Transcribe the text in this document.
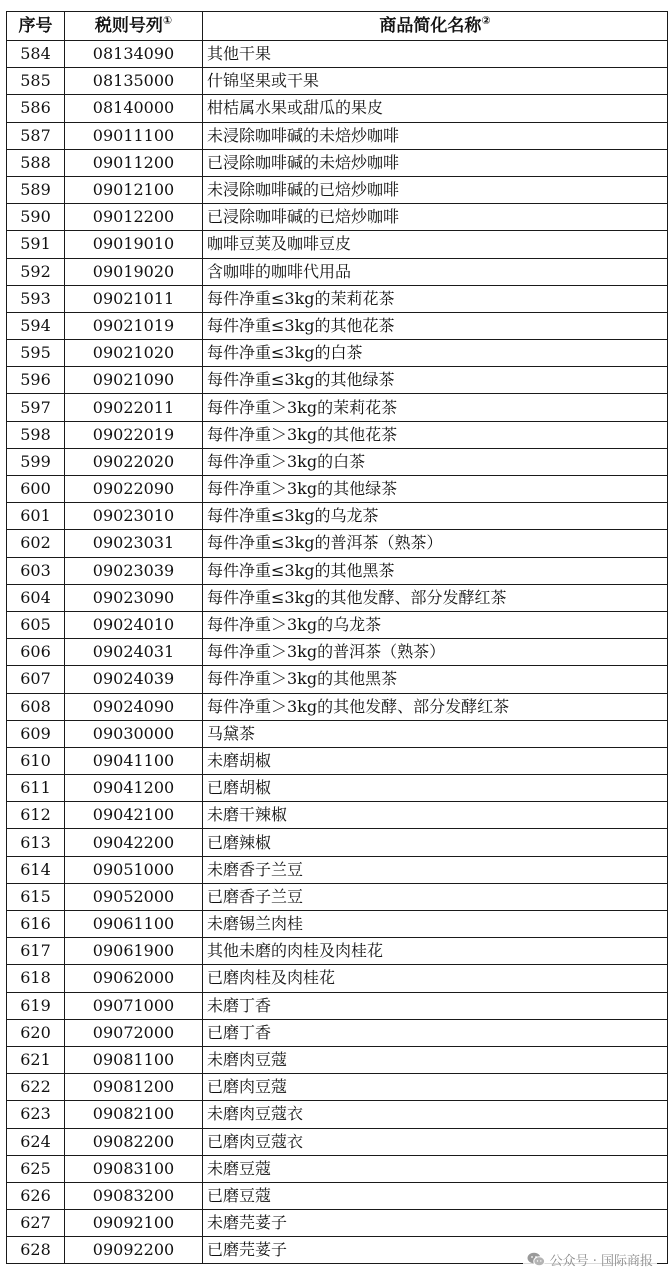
序号	税则号列①	商品简化名称②
584	08134090	其他干果
585	08135000	什锦坚果或干果
586	08140000	柑桔属水果或甜瓜的果皮
587	09011100	未浸除咖啡碱的未焙炒咖啡
588	09011200	已浸除咖啡碱的未焙炒咖啡
589	09012100	未浸除咖啡碱的已焙炒咖啡
590	09012200	已浸除咖啡碱的已焙炒咖啡
591	09019010	咖啡豆荚及咖啡豆皮
592	09019020	含咖啡的咖啡代用品
593	09021011	每件净重≤3kg的茉莉花茶
594	09021019	每件净重≤3kg的其他花茶
595	09021020	每件净重≤3kg的白茶
596	09021090	每件净重≤3kg的其他绿茶
597	09022011	每件净重＞3kg的茉莉花茶
598	09022019	每件净重＞3kg的其他花茶
599	09022020	每件净重＞3kg的白茶
600	09022090	每件净重＞3kg的其他绿茶
601	09023010	每件净重≤3kg的乌龙茶
602	09023031	每件净重≤3kg的普洱茶（熟茶）
603	09023039	每件净重≤3kg的其他黑茶
604	09023090	每件净重≤3kg的其他发酵、部分发酵红茶
605	09024010	每件净重＞3kg的乌龙茶
606	09024031	每件净重＞3kg的普洱茶（熟茶）
607	09024039	每件净重＞3kg的其他黑茶
608	09024090	每件净重＞3kg的其他发酵、部分发酵红茶
609	09030000	马黛茶
610	09041100	未磨胡椒
611	09041200	已磨胡椒
612	09042100	未磨干辣椒
613	09042200	已磨辣椒
614	09051000	未磨香子兰豆
615	09052000	已磨香子兰豆
616	09061100	未磨锡兰肉桂
617	09061900	其他未磨的肉桂及肉桂花
618	09062000	已磨肉桂及肉桂花
619	09071000	未磨丁香
620	09072000	已磨丁香
621	09081100	未磨肉豆蔻
622	09081200	已磨肉豆蔻
623	09082100	未磨肉豆蔻衣
624	09082200	已磨肉豆蔻衣
625	09083100	未磨豆蔻
626	09083200	已磨豆蔻
627	09092100	未磨芫荽子
628	09092200	已磨芫荽子
公众号 · 国际商报
